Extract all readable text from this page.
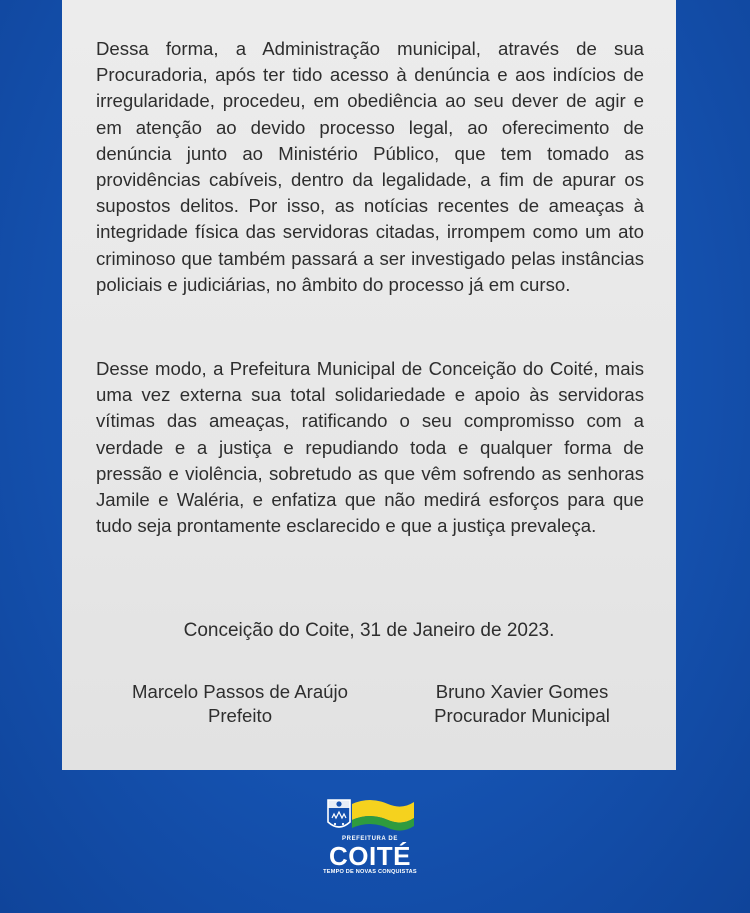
Dessa forma, a Administração municipal, através de sua Procuradoria, após ter tido acesso à denúncia e aos indícios de irregularidade, procedeu, em obediência ao seu dever de agir e em atenção ao devido processo legal, ao oferecimento de denúncia junto ao Ministério Público, que tem tomado as providências cabíveis, dentro da legalidade, a fim de apurar os supostos delitos. Por isso, as notícias recentes de ameaças à integridade física das servidoras citadas, irrompem como um ato criminoso que também passará a ser investigado pelas instâncias policiais e judiciárias, no âmbito do processo já em curso.

Desse modo, a Prefeitura Municipal de Conceição do Coité, mais uma vez externa sua total solidariedade e apoio às servidoras vítimas das ameaças, ratificando o seu compromisso com a verdade e a justiça e repudiando toda e qualquer forma de pressão e violência, sobretudo as que vêm sofrendo as senhoras Jamile e Waléria, e enfatiza que não medirá esforços para que tudo seja prontamente esclarecido e que a justiça prevaleça.

Conceição do Coite, 31 de Janeiro de 2023.

Marcelo Passos de Araújo
Prefeito
Bruno Xavier Gomes
Procurador Municipal
PREFEITURA DE
COITÉ
TEMPO DE NOVAS CONQUISTAS
